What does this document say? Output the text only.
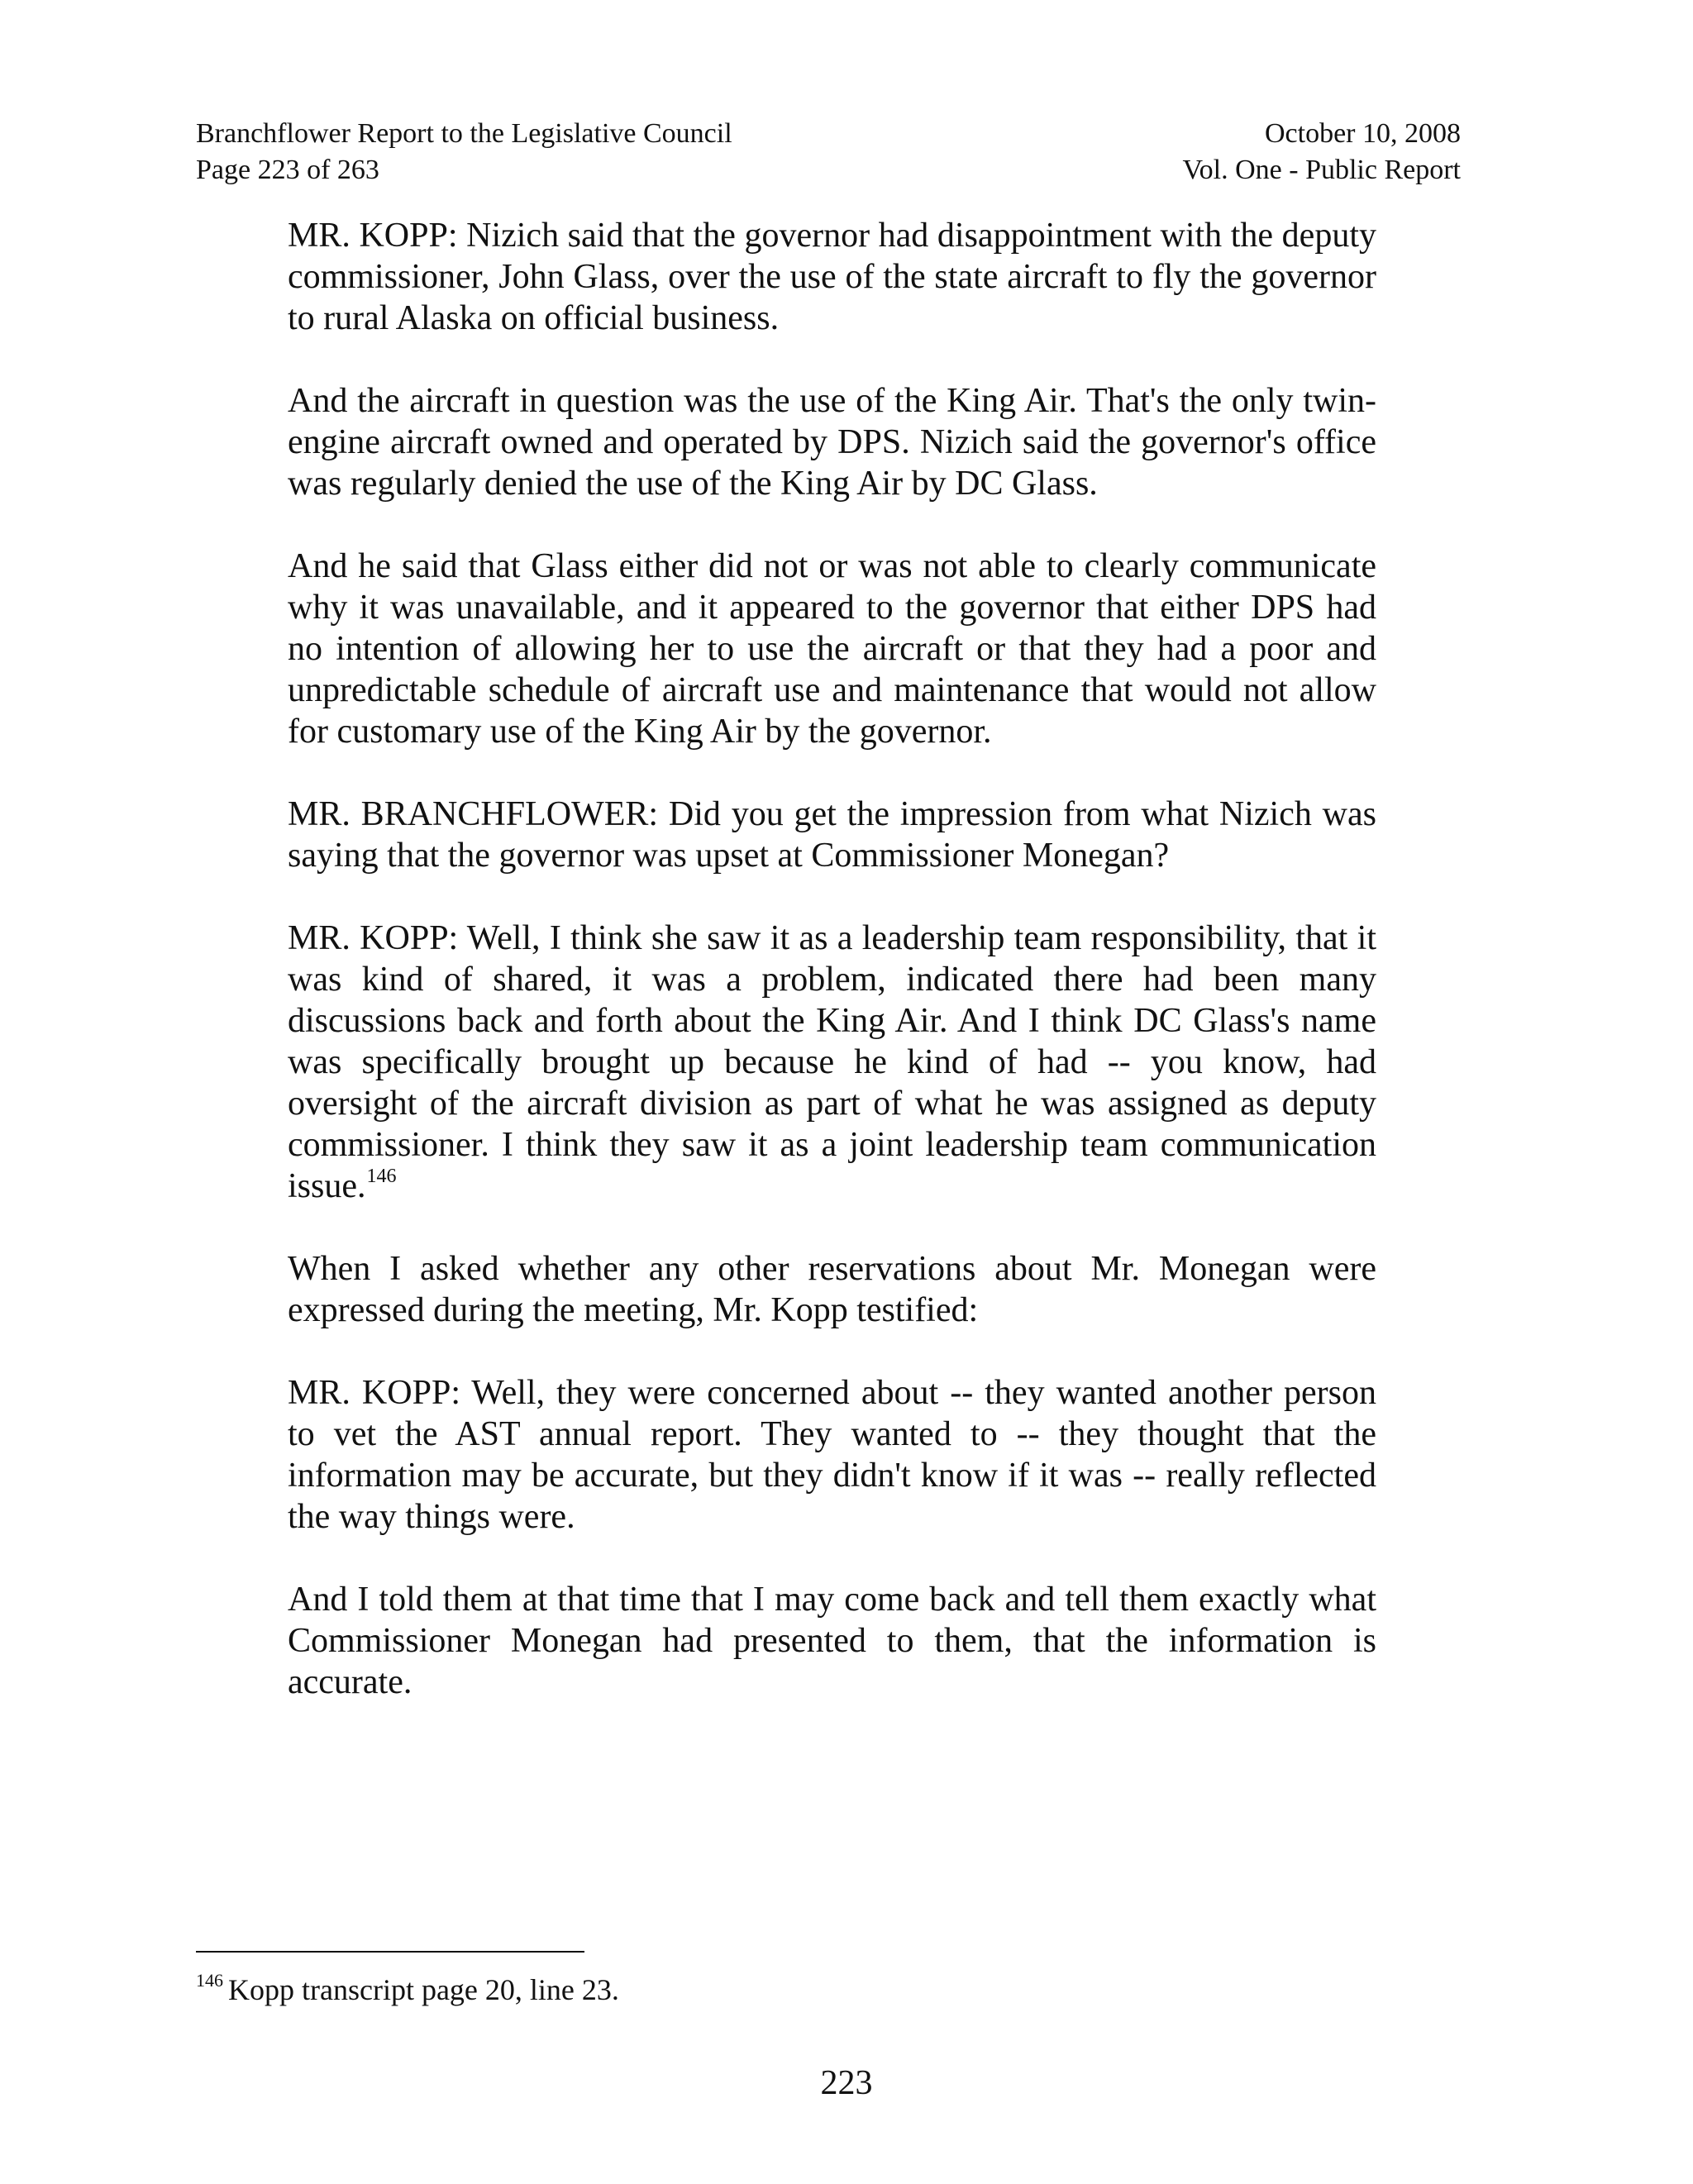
Branchflower Report to the Legislative Council
Page 223 of 263
October 10, 2008
Vol. One - Public Report

MR. KOPP: Nizich said that the governor had disappointment with the deputy commissioner, John Glass, over the use of the state aircraft to fly the governor to rural Alaska on official business.

And the aircraft in question was the use of the King Air. That's the only twin-engine aircraft owned and operated by DPS. Nizich said the governor's office was regularly denied the use of the King Air by DC Glass.

And he said that Glass either did not or was not able to clearly communicate why it was unavailable, and it appeared to the governor that either DPS had no intention of allowing her to use the aircraft or that they had a poor and unpredictable schedule of aircraft use and maintenance that would not allow for customary use of the King Air by the governor.

MR. BRANCHFLOWER: Did you get the impression from what Nizich was saying that the governor was upset at Commissioner Monegan?

MR. KOPP: Well, I think she saw it as a leadership team responsibility, that it was kind of shared, it was a problem, indicated there had been many discussions back and forth about the King Air. And I think DC Glass's name was specifically brought up because he kind of had -- you know, had oversight of the aircraft division as part of what he was assigned as deputy commissioner. I think they saw it as a joint leadership team communication issue.$^{146}$

When I asked whether any other reservations about Mr. Monegan were expressed during the meeting, Mr. Kopp testified:

MR. KOPP: Well, they were concerned about -- they wanted another person to vet the AST annual report. They wanted to -- they thought that the information may be accurate, but they didn't know if it was -- really reflected the way things were.

And I told them at that time that I may come back and tell them exactly what Commissioner Monegan had presented to them, that the information is accurate.

$^{146}$ Kopp transcript page 20, line 23.
223
